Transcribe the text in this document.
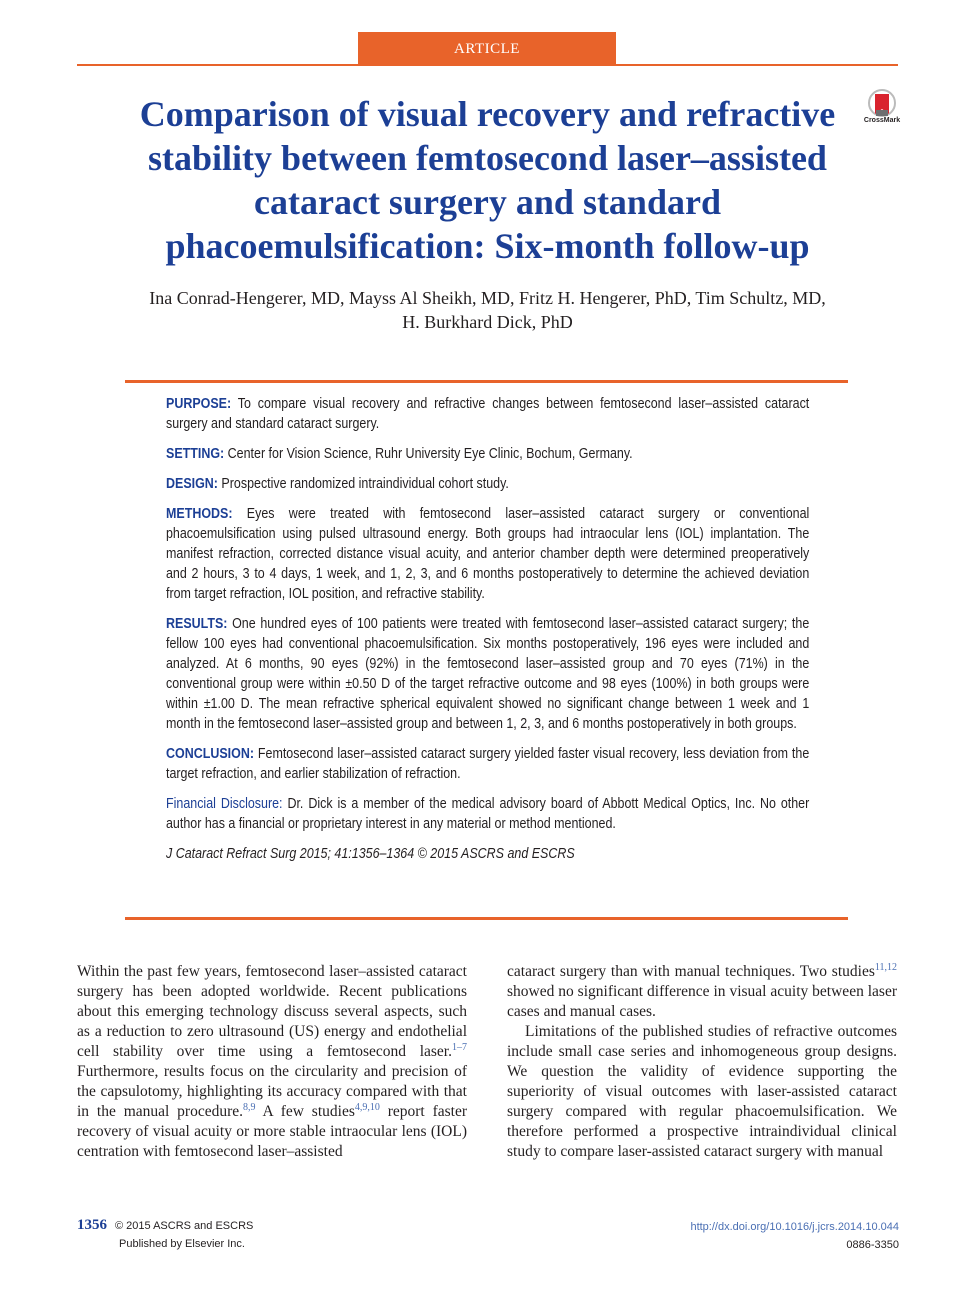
ARTICLE
CrossMark
Comparison of visual recovery and refractive stability between femtosecond laser–assisted cataract surgery and standard phacoemulsification: Six-month follow-up
Ina Conrad-Hengerer, MD, Mayss Al Sheikh, MD, Fritz H. Hengerer, PhD, Tim Schultz, MD,
H. Burkhard Dick, PhD

PURPOSE: To compare visual recovery and refractive changes between femtosecond laser–assisted cataract surgery and standard cataract surgery.

SETTING: Center for Vision Science, Ruhr University Eye Clinic, Bochum, Germany.

DESIGN: Prospective randomized intraindividual cohort study.

METHODS: Eyes were treated with femtosecond laser–assisted cataract surgery or conventional phacoemulsification using pulsed ultrasound energy. Both groups had intraocular lens (IOL) implantation. The manifest refraction, corrected distance visual acuity, and anterior chamber depth were determined preoperatively and 2 hours, 3 to 4 days, 1 week, and 1, 2, 3, and 6 months postoperatively to determine the achieved deviation from target refraction, IOL position, and refractive stability.

RESULTS: One hundred eyes of 100 patients were treated with femtosecond laser–assisted cataract surgery; the fellow 100 eyes had conventional phacoemulsification. Six months postoperatively, 196 eyes were included and analyzed. At 6 months, 90 eyes (92%) in the femtosecond laser–assisted group and 70 eyes (71%) in the conventional group were within ±0.50 D of the target refractive outcome and 98 eyes (100%) in both groups were within ±1.00 D. The mean refractive spherical equivalent showed no significant change between 1 week and 1 month in the femtosecond laser–assisted group and between 1, 2, 3, and 6 months postoperatively in both groups.

CONCLUSION: Femtosecond laser–assisted cataract surgery yielded faster visual recovery, less deviation from the target refraction, and earlier stabilization of refraction.

Financial Disclosure: Dr. Dick is a member of the medical advisory board of Abbott Medical Optics, Inc. No other author has a financial or proprietary interest in any material or method mentioned.

J Cataract Refract Surg 2015; 41:1356–1364 © 2015 ASCRS and ESCRS

Within the past few years, femtosecond laser–assisted cataract surgery has been adopted worldwide. Recent publications about this emerging technology discuss several aspects, such as a reduction to zero ultrasound (US) energy and endothelial cell stability over time using a femtosecond laser.$^{1-7}$ Furthermore, results focus on the circularity and precision of the capsulotomy, highlighting its accuracy compared with that in the manual procedure.$^{8,9}$ A few studies$^{4,9,10}$ report faster recovery of visual acuity or more stable intraocular lens (IOL) centration with femtosecond laser–assisted

cataract surgery than with manual techniques. Two studies$^{11,12}$ showed no significant difference in visual acuity between laser cases and manual cases.

Limitations of the published studies of refractive outcomes include small case series and inhomogeneous group designs. We question the validity of evidence supporting the superiority of visual outcomes with laser-assisted cataract surgery compared with regular phacoemulsification. We therefore performed a prospective intraindividual clinical study to compare laser-assisted cataract surgery with manual

1356 © 2015 ASCRS and ESCRS
Published by Elsevier Inc.
http://dx.doi.org/10.1016/j.jcrs.2014.10.044
0886-3350
